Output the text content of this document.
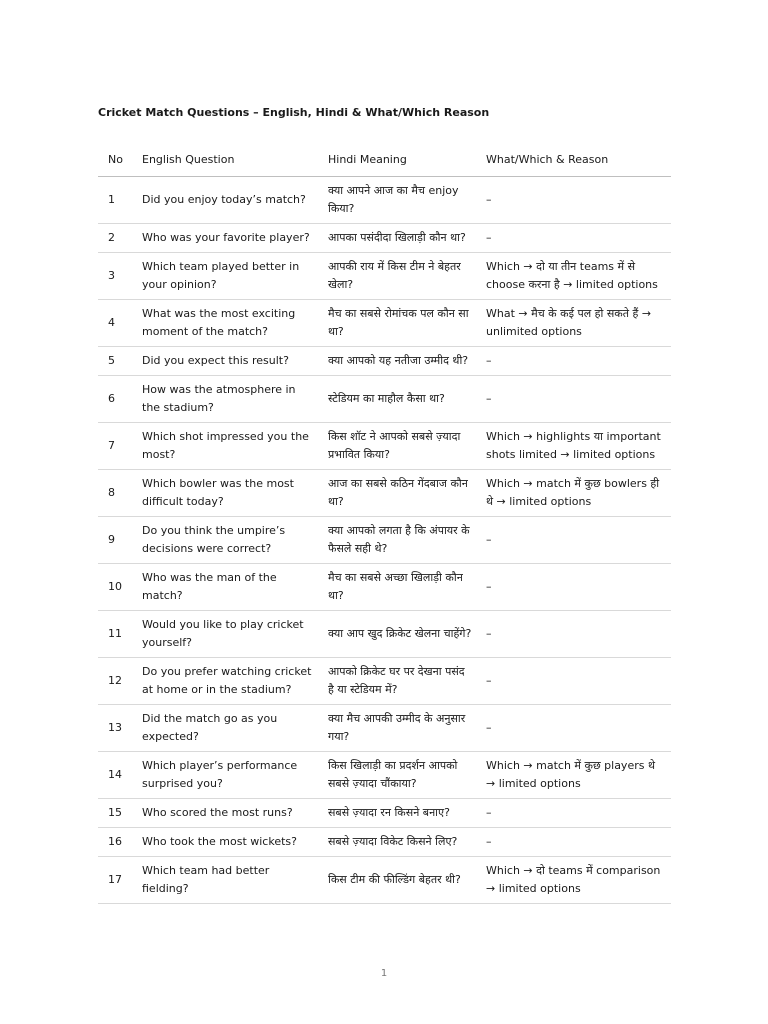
Cricket Match Questions – English, Hindi & What/Which Reason
No	English Question	Hindi Meaning	What/Which & Reason
1	Did you enjoy today’s match?	क्या आपने आज का मैच enjoy किया?	–
2	Who was your favorite player?	आपका पसंदीदा खिलाड़ी कौन था?	–
3	Which team played better in your opinion?	आपकी राय में किस टीम ने बेहतर खेला?	Which → दो या तीन teams में से choose करना है → limited options
4	What was the most exciting moment of the match?	मैच का सबसे रोमांचक पल कौन सा था?	What → मैच के कई पल हो सकते हैं → unlimited options
5	Did you expect this result?	क्या आपको यह नतीजा उम्मीद थी?	–
6	How was the atmosphere in the stadium?	स्टेडियम का माहौल कैसा था?	–
7	Which shot impressed you the most?	किस शॉट ने आपको सबसे ज़्यादा प्रभावित किया?	Which → highlights या important shots limited → limited options
8	Which bowler was the most difficult today?	आज का सबसे कठिन गेंदबाज कौन था?	Which → match में कुछ bowlers ही थे → limited options
9	Do you think the umpire’s decisions were correct?	क्या आपको लगता है कि अंपायर के फैसले सही थे?	–
10	Who was the man of the match?	मैच का सबसे अच्छा खिलाड़ी कौन था?	–
11	Would you like to play cricket yourself?	क्या आप खुद क्रिकेट खेलना चाहेंगे?	–
12	Do you prefer watching cricket at home or in the stadium?	आपको क्रिकेट घर पर देखना पसंद है या स्टेडियम में?	–
13	Did the match go as you expected?	क्या मैच आपकी उम्मीद के अनुसार गया?	–
14	Which player’s performance surprised you?	किस खिलाड़ी का प्रदर्शन आपको सबसे ज़्यादा चौंकाया?	Which → match में कुछ players थे → limited options
15	Who scored the most runs?	सबसे ज़्यादा रन किसने बनाए?	–
16	Who took the most wickets?	सबसे ज़्यादा विकेट किसने लिए?	–
17	Which team had better fielding?	किस टीम की फील्डिंग बेहतर थी?	Which → दो teams में comparison → limited options
1
